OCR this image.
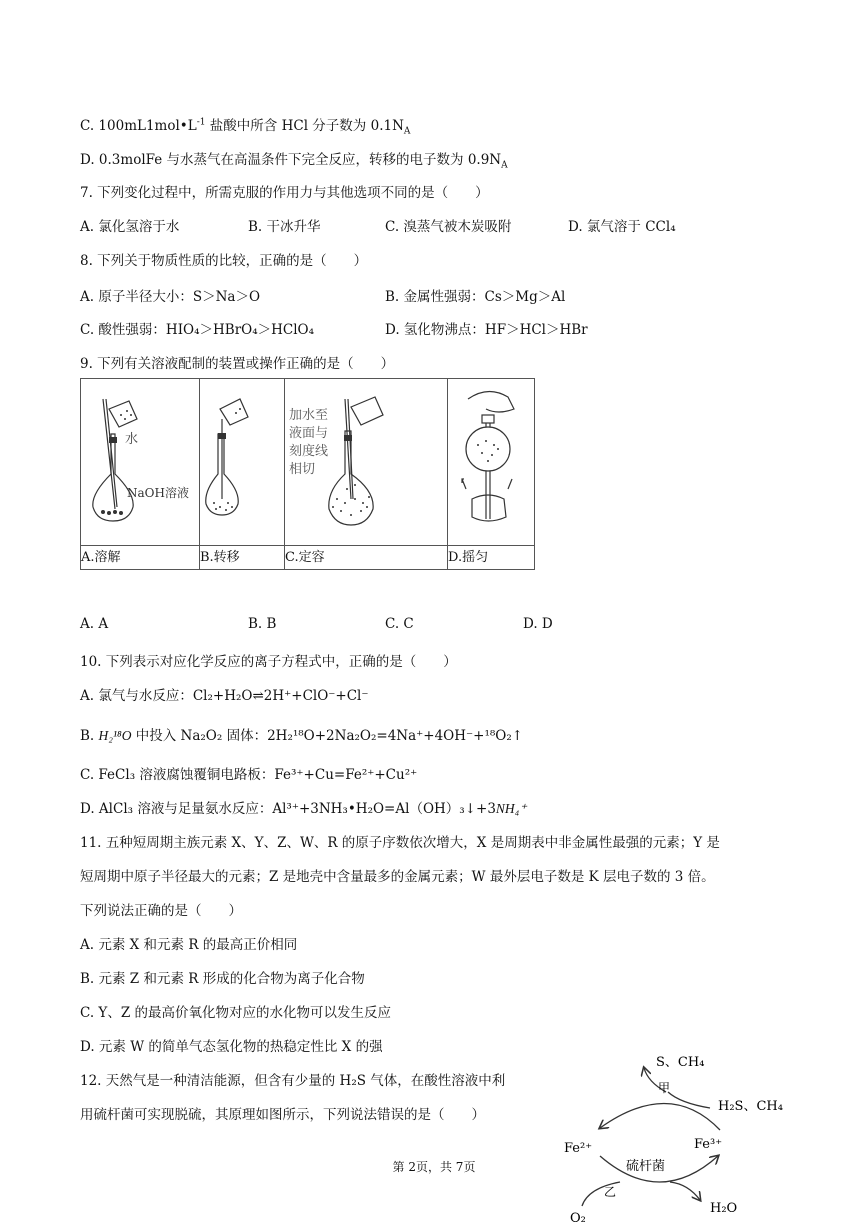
C. $100mL1mol•L^{-1}$ 盐酸中所含 HCl 分子数为 $0.1N_A$
D. 0.3molFe 与水蒸气在高温条件下完全反应，转移的电子数为 $0.9N_A$
7. 下列变化过程中，所需克服的作用力与其他选项不同的是（　　）
A. 氯化氢溶于水	B. 干冰升华	C. 溴蒸气被木炭吸附	D. 氯气溶于 CCl₄
8. 下列关于物质性质的比较，正确的是（　　）
A. 原子半径大小：S＞Na＞O	B. 金属性强弱：Cs＞Mg＞Al
C. 酸性强弱：HIO₄＞HBrO₄＞HClO₄	D. 氢化物沸点：HF＞HCl＞HBr
9. 下列有关溶液配制的装置或操作正确的是（　　）
水
NaOH溶液		加水至
液面与
刻度线
相切

A.溶解	B.转移	C.定容	D.摇匀
A. A	B. B	C. C	D. D
10. 下列表示对应化学反应的离子方程式中，正确的是（　　）
A. 氯气与水反应：Cl₂+H₂O⇌2H⁺+ClO⁻+Cl⁻
B. H₂¹⁸O 中投入 Na₂O₂ 固体：2H₂¹⁸O+2Na₂O₂=4Na⁺+4OH⁻+¹⁸O₂↑
C. FeCl₃ 溶液腐蚀覆铜电路板：Fe³⁺+Cu=Fe²⁺+Cu²⁺
D. AlCl₃ 溶液与足量氨水反应：Al³⁺+3NH₃•H₂O=Al（OH）₃↓+3NH₄⁺
11. 五种短周期主族元素 X、Y、Z、W、R 的原子序数依次增大，X 是周期表中非金属性最强的元素；Y 是
短周期中原子半径最大的元素；Z 是地壳中含量最多的金属元素；W 最外层电子数是 K 层电子数的 3 倍。
下列说法正确的是（　　）
A. 元素 X 和元素 R 的最高正价相同
B. 元素 Z 和元素 R 形成的化合物为离子化合物
C. Y、Z 的最高价氧化物对应的水化物可以发生反应
D. 元素 W 的简单气态氢化物的热稳定性比 X 的强
12. 天然气是一种清洁能源，但含有少量的 H₂S 气体，在酸性溶液中利
用硫杆菌可实现脱硫，其原理如图所示，下列说法错误的是（　　）
S、CH₄
甲
H₂S、CH₄
Fe²⁺	Fe³⁺
硫杆菌
乙
O₂
H₂O
第 2页，共 7页
